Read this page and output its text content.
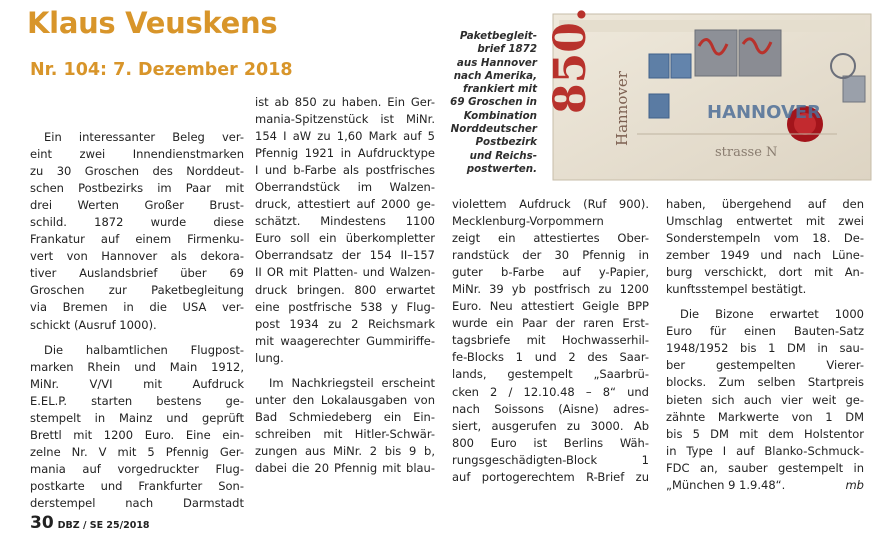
Klaus Veuskens
Nr. 104: 7. Dezember 2018
Paketbegleit-
brief 1872
aus Hannover
nach Amerika,
frankiert mit
69 Groschen in
Kombination
Norddeutscher
Postbezirk
und Reichs-
postwerten.
850. Hannover	HANNOVER
strasse N
Ein interessanter Beleg ver-
eint zwei Innendienstmarken
zu 30 Groschen des Norddeut-
schen Postbezirks im Paar mit
drei Werten Großer Brust-
schild. 1872 wurde diese
Frankatur auf einem Firmenku-
vert von Hannover als dekora-
tiver Auslandsbrief über 69
Groschen zur Paketbegleitung
via Bremen in die USA ver-
schickt (Ausruf 1000).
Die halbamtlichen Flugpost-
marken Rhein und Main 1912,
MiNr. V/VI mit Aufdruck
E.EL.P. starten bestens ge-
stempelt in Mainz und geprüft
Brettl mit 1200 Euro. Eine ein-
zelne Nr. V mit 5 Pfennig Ger-
mania auf vorgedruckter Flug-
postkarte und Frankfurter Son-
derstempel nach Darmstadt
ist ab 850 zu haben. Ein Ger-
mania-Spitzenstück ist MiNr.
154 I aW zu 1,60 Mark auf 5
Pfennig 1921 in Aufdrucktype
I und b-Farbe als postfrisches
Oberrandstück im Walzen-
druck, attestiert auf 2000 ge-
schätzt. Mindestens 1100
Euro soll ein überkompletter
Oberrandsatz der 154 II–157
II OR mit Platten- und Walzen-
druck bringen. 800 erwartet
eine postfrische 538 y Flug-
post 1934 zu 2 Reichsmark
mit waagerechter Gummiriffe-
lung.
Im Nachkriegsteil erscheint
unter den Lokalausgaben von
Bad Schmiedeberg ein Ein-
schreiben mit Hitler-Schwär-
zungen aus MiNr. 2 bis 9 b,
dabei die 20 Pfennig mit blau-
violettem Aufdruck (Ruf 900).
Mecklenburg-Vorpommern
zeigt ein attestiertes Ober-
randstück der 30 Pfennig in
guter b-Farbe auf y-Papier,
MiNr. 39 yb postfrisch zu 1200
Euro. Neu attestiert Geigle BPP
wurde ein Paar der raren Erst-
tagsbriefe mit Hochwasserhil-
fe-Blocks 1 und 2 des Saar-
lands, gestempelt „Saarbrü-
cken 2 / 12.10.48 – 8“ und
nach Soissons (Aisne) adres-
siert, ausgerufen zu 3000. Ab
800 Euro ist Berlins Wäh-
rungsgeschädigten-Block 1
auf portogerechtem R-Brief zu
haben, übergehend auf den
Umschlag entwertet mit zwei
Sonderstempeln vom 18. De-
zember 1949 und nach Lüne-
burg verschickt, dort mit An-
kunftsstempel bestätigt.
Die Bizone erwartet 1000
Euro für einen Bauten-Satz
1948/1952 bis 1 DM in sau-
ber gestempelten Vierer-
blocks. Zum selben Startpreis
bieten sich auch vier weit ge-
zähnte Markwerte von 1 DM
bis 5 DM mit dem Holstentor
in Type I auf Blanko-Schmuck-
FDC an, sauber gestempelt in
„München 9 1.9.48“.	mb
30 DBZ / SE 25/2018
